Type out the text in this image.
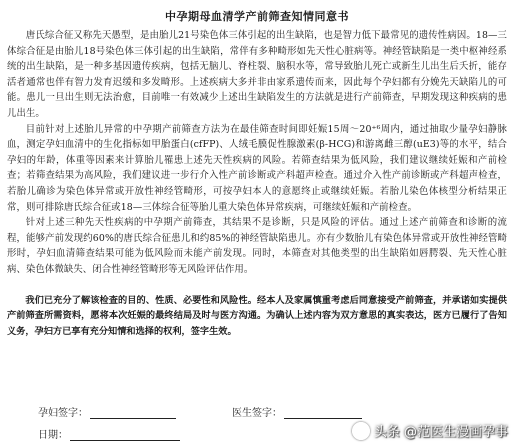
中孕期母血清学产前筛查知情同意书

唐氏综合征又称先天愚型，是由胎儿21号染色体三体引起的出生缺陷，也是智力低下最常见的遗传性病因。18—三体综合征是由胎儿18号染色体三体引起的出生缺陷，常伴有多种畸形如先天性心脏病等。神经管缺陷是一类中枢神经系统的出生缺陷，是一种多基因遗传疾病，包括无脑儿、脊柱裂、脑积水等，常导致胎儿死亡或新生儿出生后夭折，能存活者通常也伴有智力发育迟缓和多发畸形。上述疾病大多并非由家系遗传而来，因此每个孕妇都有分娩先天缺陷儿的可能。患儿一旦出生则无法治愈，目前唯一有效减少上述出生缺陷发生的方法就是进行产前筛查，早期发现这种疾病的患儿出生。

目前针对上述胎儿异常的中孕期产前筛查方法为在最佳筛查时间即妊娠15周～20⁺⁶周内，通过抽取少量孕妇静脉血，测定孕妇血清中的生化指标如甲胎蛋白(cfFP)、人绒毛膜促性腺激素(β-HCG)和游离雌三醇(uE3)等的水平，结合孕妇的年龄，体重等因素来计算胎儿罹患上述先天性疾病的风险。若筛查结果为低风险，我们建议继续妊娠和产前检查；若筛查结果为高风险，我们建议进一步行介入性产前诊断或产科超声检查。通过介入性产前诊断或产科超声检查，若胎儿确诊为染色体异常或开放性神经管畸形，可按孕妇本人的意愿终止或继续妊娠。若胎儿染色体核型分析结果正常，则可排除唐氏综合征或18—三体综合征等胎儿重大染色体异常疾病，可继续妊娠和产前检查。

针对上述三种先天性疾病的中孕期产前筛查，其结果不是诊断，只是风险的评估。通过上述产前筛查和诊断的流程，能够产前发现约60%的唐氏综合征患儿和约85%的神经管缺陷患儿。亦有少数胎儿有染色体异常或开放性神经管畸形时，孕妇血清筛查结果可能为低风险而未能产前发现。同时，本筛查对其他类型的出生缺陷如唇腭裂、先天性心脏病、染色体微缺失、闭合性神经管畸形等无风险评估作用。

我们已充分了解该检查的目的、性质、必要性和风险性。经本人及家属慎重考虑后同意接受产前筛查，并承诺如实提供产前筛查所需资料，愿将本次妊娠的最终结局及时与医方沟通。为确认上述内容为双方意思的真实表达，医方已履行了告知义务，孕妇方已享有充分知情和选择的权利，签字生效。

孕妇签字：	医生签字：
日期：	头条 @范医生漫画孕事
